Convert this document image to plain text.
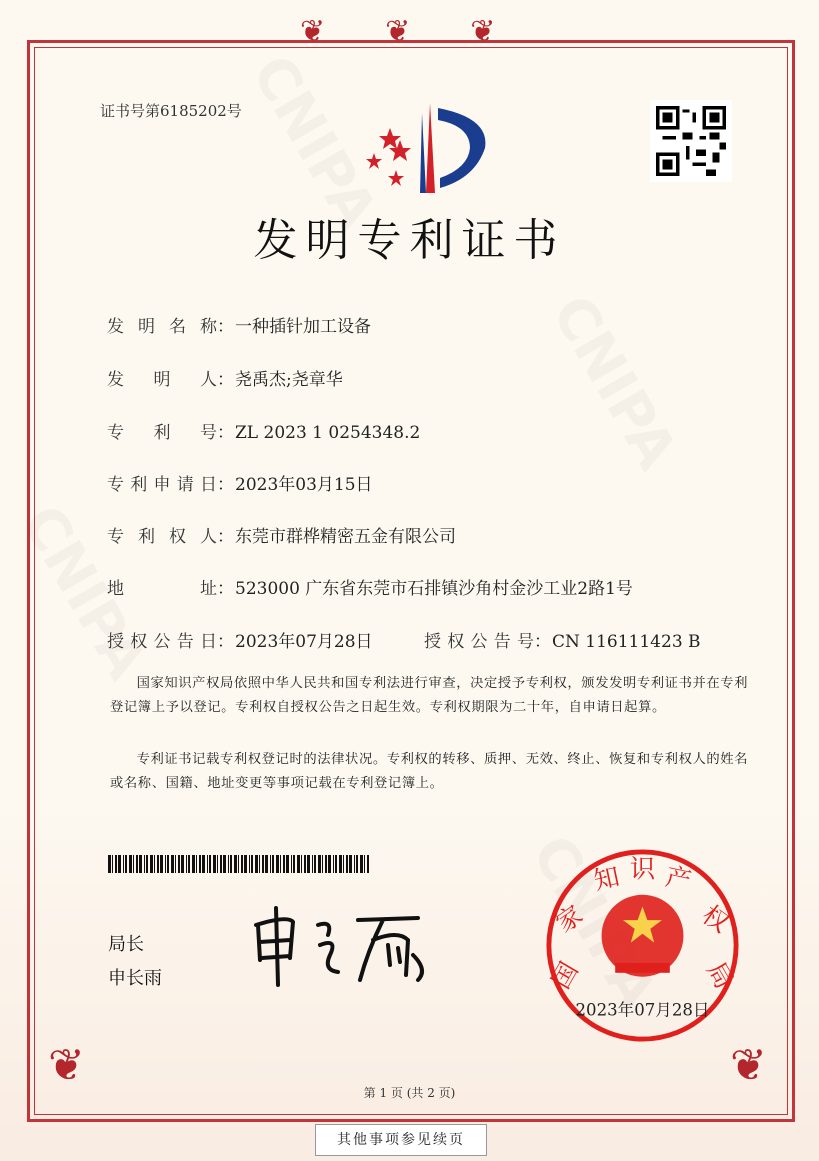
❦❦❦
❦	❦
证书号第6185202号
发明专利证书
发明名称：一种插针加工设备
发明人：尧禹杰;尧章华
专利号：ZL 2023 1 0254348.2
专利申请日：2023年03月15日
专利权人：东莞市群桦精密五金有限公司
地址：523000 广东省东莞市石排镇沙角村金沙工业2路1号
授权公告日：2023年07月28日	授权公告号：CN 116111423 B
国家知识产权局依照中华人民共和国专利法进行审查，决定授予专利权，颁发发明专利证书并在专利登记簿上予以登记。专利权自授权公告之日起生效。专利权期限为二十年，自申请日起算。
专利证书记载专利权登记时的法律状况。专利权的转移、质押、无效、终止、恢复和专利权人的姓名或名称、国籍、地址变更等事项记载在专利登记簿上。
局长
申长雨	国
家
知 识 产
权
局
2023年07月28日
第 1 页 (共 2 页)
其他事项参见续页
